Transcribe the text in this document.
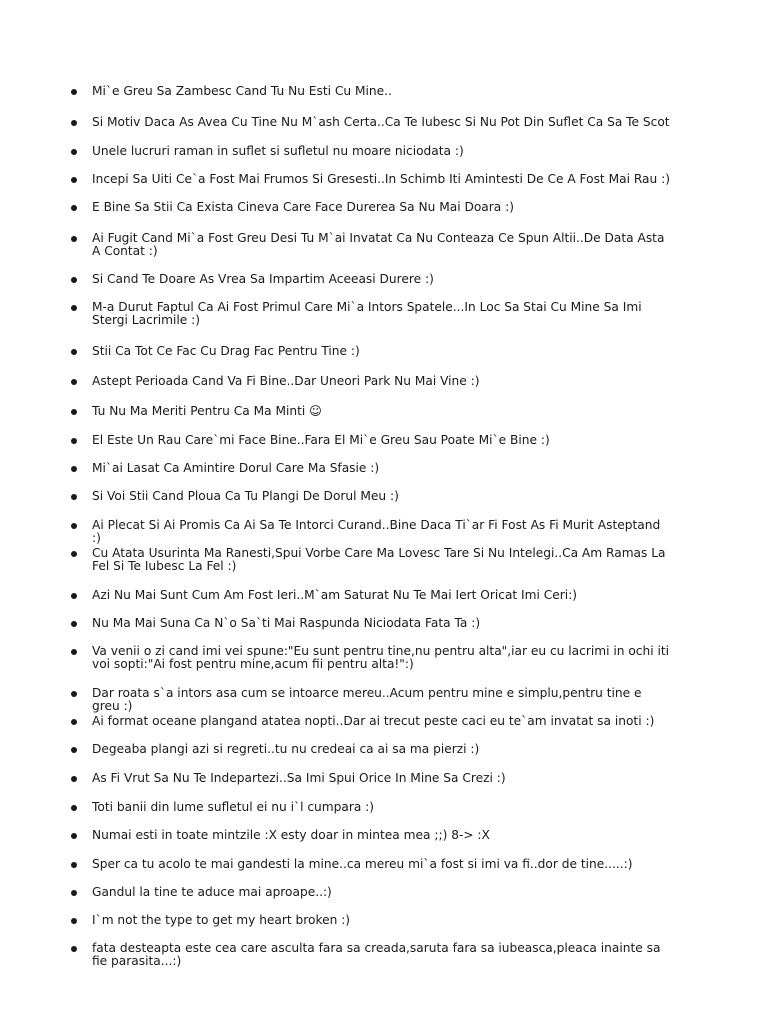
Mi`e Greu Sa Zambesc Cand Tu Nu Esti Cu Mine..
Si Motiv Daca As Avea Cu Tine Nu M`ash Certa..Ca Te Iubesc Si Nu Pot Din Suflet Ca Sa Te Scot
Unele lucruri raman in suflet si sufletul nu moare niciodata :)
Incepi Sa Uiti Ce`a Fost Mai Frumos Si Gresesti..In Schimb Iti Amintesti De Ce A Fost Mai Rau :)
E Bine Sa Stii Ca Exista Cineva Care Face Durerea Sa Nu Mai Doara :)
Ai Fugit Cand Mi`a Fost Greu Desi Tu M`ai Invatat Ca Nu Conteaza Ce Spun Altii..De Data Asta A Contat :)
Si Cand Te Doare As Vrea Sa Impartim Aceeasi Durere :)
M-a Durut Faptul Ca Ai Fost Primul Care Mi`a Intors Spatele...In Loc Sa Stai Cu Mine Sa Imi Stergi Lacrimile :)
Stii Ca Tot Ce Fac Cu Drag Fac Pentru Tine :)
Astept Perioada Cand Va Fi Bine..Dar Uneori Park Nu Mai Vine :)
Tu Nu Ma Meriti Pentru Ca Ma Minti ☺
El Este Un Rau Care`mi Face Bine..Fara El Mi`e Greu Sau Poate Mi`e Bine :)
Mi`ai Lasat Ca Amintire Dorul Care Ma Sfasie :)
Si Voi Stii Cand Ploua Ca Tu Plangi De Dorul Meu :)
Ai Plecat Si Ai Promis Ca Ai Sa Te Intorci Curand..Bine Daca Ti`ar Fi Fost As Fi Murit Asteptand :)
Cu Atata Usurinta Ma Ranesti,Spui Vorbe Care Ma Lovesc Tare Si Nu Intelegi..Ca Am Ramas La Fel Si Te Iubesc La Fel :)
Azi Nu Mai Sunt Cum Am Fost Ieri..M`am Saturat Nu Te Mai Iert Oricat Imi Ceri:)
Nu Ma Mai Suna Ca N`o Sa`ti Mai Raspunda Niciodata Fata Ta :)
Va venii o zi cand imi vei spune:"Eu sunt pentru tine,nu pentru alta",iar eu cu lacrimi in ochi iti voi sopti:"Ai fost pentru mine,acum fii pentru alta!":)
Dar roata s`a intors asa cum se intoarce mereu..Acum pentru mine e simplu,pentru tine e greu :)
Ai format oceane plangand atatea nopti..Dar ai trecut peste caci eu te`am invatat sa inoti :)
Degeaba plangi azi si regreti..tu nu credeai ca ai sa ma pierzi :)
As Fi Vrut Sa Nu Te Indepartezi..Sa Imi Spui Orice In Mine Sa Crezi :)
Toti banii din lume sufletul ei nu i`l cumpara :)
Numai esti in toate mintzile :X esty doar in mintea mea ;;) 8-> :X
Sper ca tu acolo te mai gandesti la mine..ca mereu mi`a fost si imi va fi..dor de tine.....:)
Gandul la tine te aduce mai aproape..:)
I`m not the type to get my heart broken :)
fata desteapta este cea care asculta fara sa creada,saruta fara sa iubeasca,pleaca inainte sa fie parasita...:)
